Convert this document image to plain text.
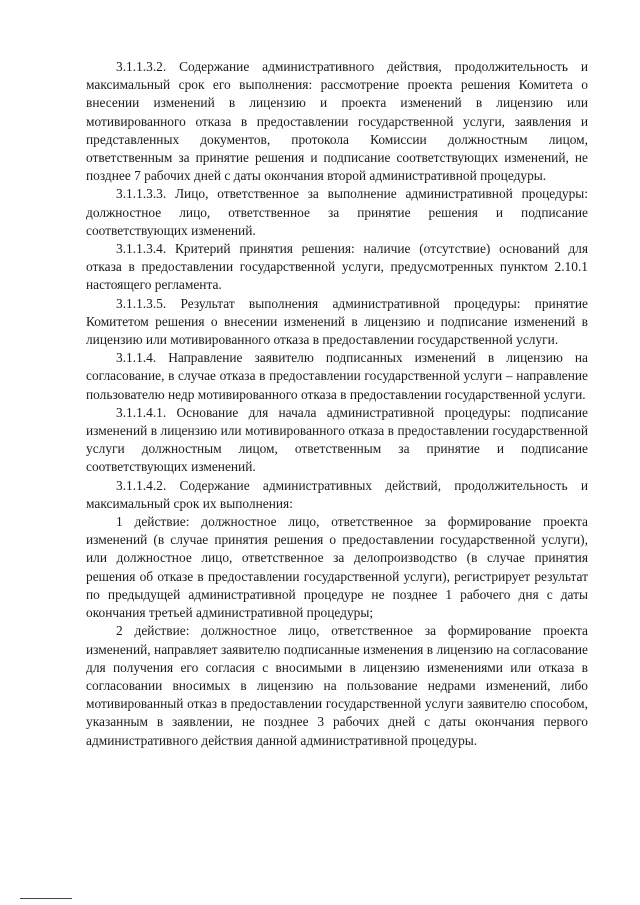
3.1.1.3.2. Содержание административного действия, продолжительность и максимальный срок его выполнения: рассмотрение проекта решения Комитета о внесении изменений в лицензию и проекта изменений в лицензию или мотивированного отказа в предоставлении государственной услуги, заявления и представленных документов, протокола Комиссии должностным лицом, ответственным за принятие решения и подписание соответствующих изменений, не позднее 7 рабочих дней с даты окончания второй административной процедуры.

3.1.1.3.3. Лицо, ответственное за выполнение административной процедуры: должностное лицо, ответственное за принятие решения и подписание соответствующих изменений.

3.1.1.3.4. Критерий принятия решения: наличие (отсутствие) оснований для отказа в предоставлении государственной услуги, предусмотренных пунктом 2.10.1 настоящего регламента.

3.1.1.3.5. Результат выполнения административной процедуры: принятие Комитетом решения о внесении изменений в лицензию и подписание изменений в лицензию или мотивированного отказа в предоставлении государственной услуги.

3.1.1.4. Направление заявителю подписанных изменений в лицензию на согласование, в случае отказа в предоставлении государственной услуги – направление пользователю недр мотивированного отказа в предоставлении государственной услуги.

3.1.1.4.1. Основание для начала административной процедуры: подписание изменений в лицензию или мотивированного отказа в предоставлении государственной услуги должностным лицом, ответственным за принятие и подписание соответствующих изменений.

3.1.1.4.2. Содержание административных действий, продолжительность и максимальный срок их выполнения:

1 действие: должностное лицо, ответственное за формирование проекта изменений (в случае принятия решения о предоставлении государственной услуги), или должностное лицо, ответственное за делопроизводство (в случае принятия решения об отказе в предоставлении государственной услуги), регистрирует результат по предыдущей административной процедуре не позднее 1 рабочего дня с даты окончания третьей административной процедуры;

2 действие: должностное лицо, ответственное за формирование проекта изменений, направляет заявителю подписанные изменения в лицензию на согласование для получения его согласия с вносимыми в лицензию изменениями или отказа в согласовании вносимых в лицензию на пользование недрами изменений, либо мотивированный отказ в предоставлении государственной услуги заявителю способом, указанным в заявлении, не позднее 3 рабочих дней с даты окончания первого административного действия данной административной процедуры.
